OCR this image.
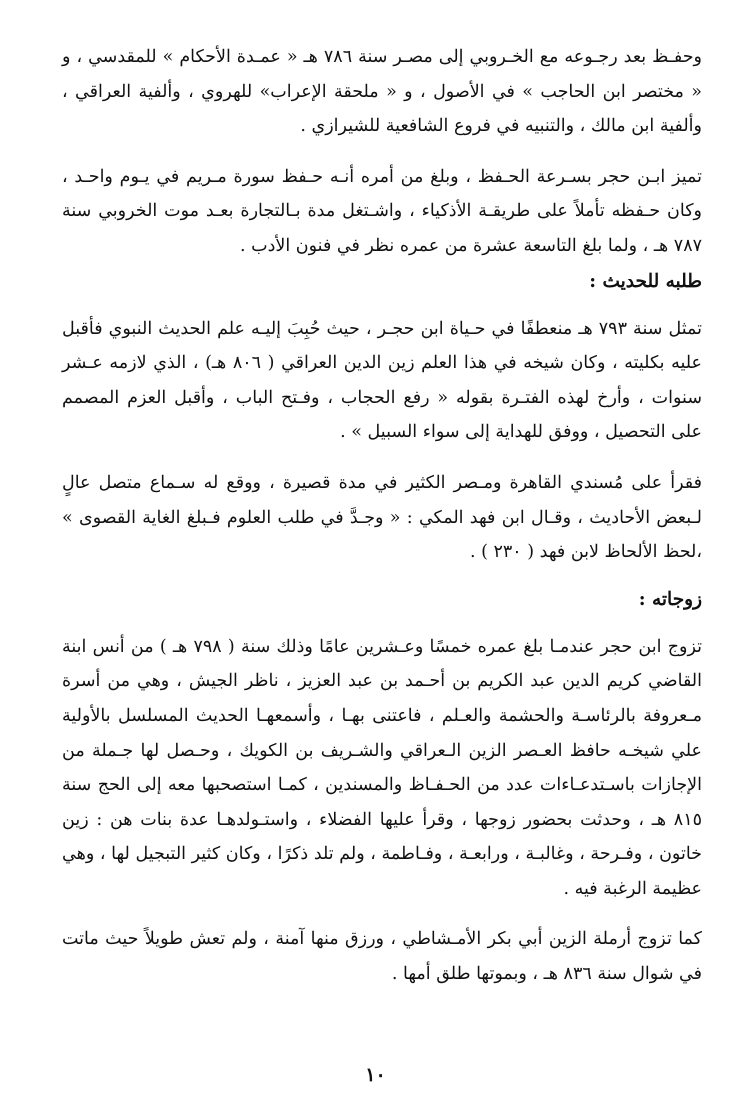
وحفـظ بعد رجـوعه مع الخـروبي إلى مصـر سنة ٧٨٦ هـ « عمـدة الأحكام » للمقدسي ، و « مختصر ابن الحاجب » في الأصول ، و « ملحقة الإعراب» للهروي ، وألفية العراقي ، وألفية ابن مالك ، والتنبيه في فروع الشافعية للشيرازي .

تميز ابـن حجر بسـرعة الحـفظ ، وبلغ من أمره أنـه حـفظ سورة مـريم في يـوم واحـد ، وكان حـفظه تأملاً على طريقـة الأذكياء ، واشـتغل مدة بـالتجارة بعـد موت الخروبي سنة ٧٨٧ هـ ، ولما بلغ التاسعة عشرة من عمره نظر في فنون الأدب .

طلبه للحديث :

تمثل سنة ٧٩٣ هـ منعطفًا في حـياة ابن حجـر ، حيث حُبِبَ إليـه علم الحديث النبوي فأقبل عليه بكليته ، وكان شيخه في هذا العلم زين الدين العراقي ( ٨٠٦ هـ) ، الذي لازمه عـشر سنوات ، وأرخ لهذه الفتـرة بقوله « رفع الحجاب ، وفـتح الباب ، وأقبل العزم المصمم على التحصيل ، ووفق للهداية إلى سواء السبيل » .

فقرأ على مُسندي القاهرة ومـصر الكثير في مدة قصيرة ، ووقع له سـماع متصل عالٍ لـبعض الأحاديث ، وقـال ابن فهد المكي : « وجـدَّ في طلب العلوم فـبلغ الغاية القصوى » ،لحظ الألحاظ لابن فهد ( ٢٣٠ ) .

زوجاته :

تزوج ابن حجر عندمـا بلغ عمره خمسًا وعـشرين عامًا وذلك سنة ( ٧٩٨ هـ ) من أنس ابنة القاضي كريم الدين عبد الكريم بن أحـمد بن عبد العزيز ، ناظر الجيش ، وهي من أسرة مـعروفة بالرئاسـة والحشمة والعـلم ، فاعتنى بهـا ، وأسمعهـا الحديث المسلسل بالأولية علي شيخـه حافظ العـصر الزين الـعراقي والشـريف بن الكويك ، وحـصل لها جـملة من الإجازات باسـتدعـاءات عدد من الحـفـاظ والمسندين ، كمـا استصحبها معه إلى الحج سنة ٨١٥ هـ ، وحدثت بحضور زوجها ، وقرأ عليها الفضلاء ، واستـولدهـا عدة بنات هن : زين خاتون ، وفـرحة ، وغالبـة ، ورابعـة ، وفـاطمة ، ولم تلد ذكرًا ، وكان كثير التبجيل لها ، وهي عظيمة الرغبة فيه .

كما تزوج أرملة الزين أبي بكر الأمـشاطي ، ورزق منها آمنة ، ولم تعش طويلاً حيث ماتت في شوال سنة ٨٣٦ هـ ، وبموتها طلق أمها .

١٠
